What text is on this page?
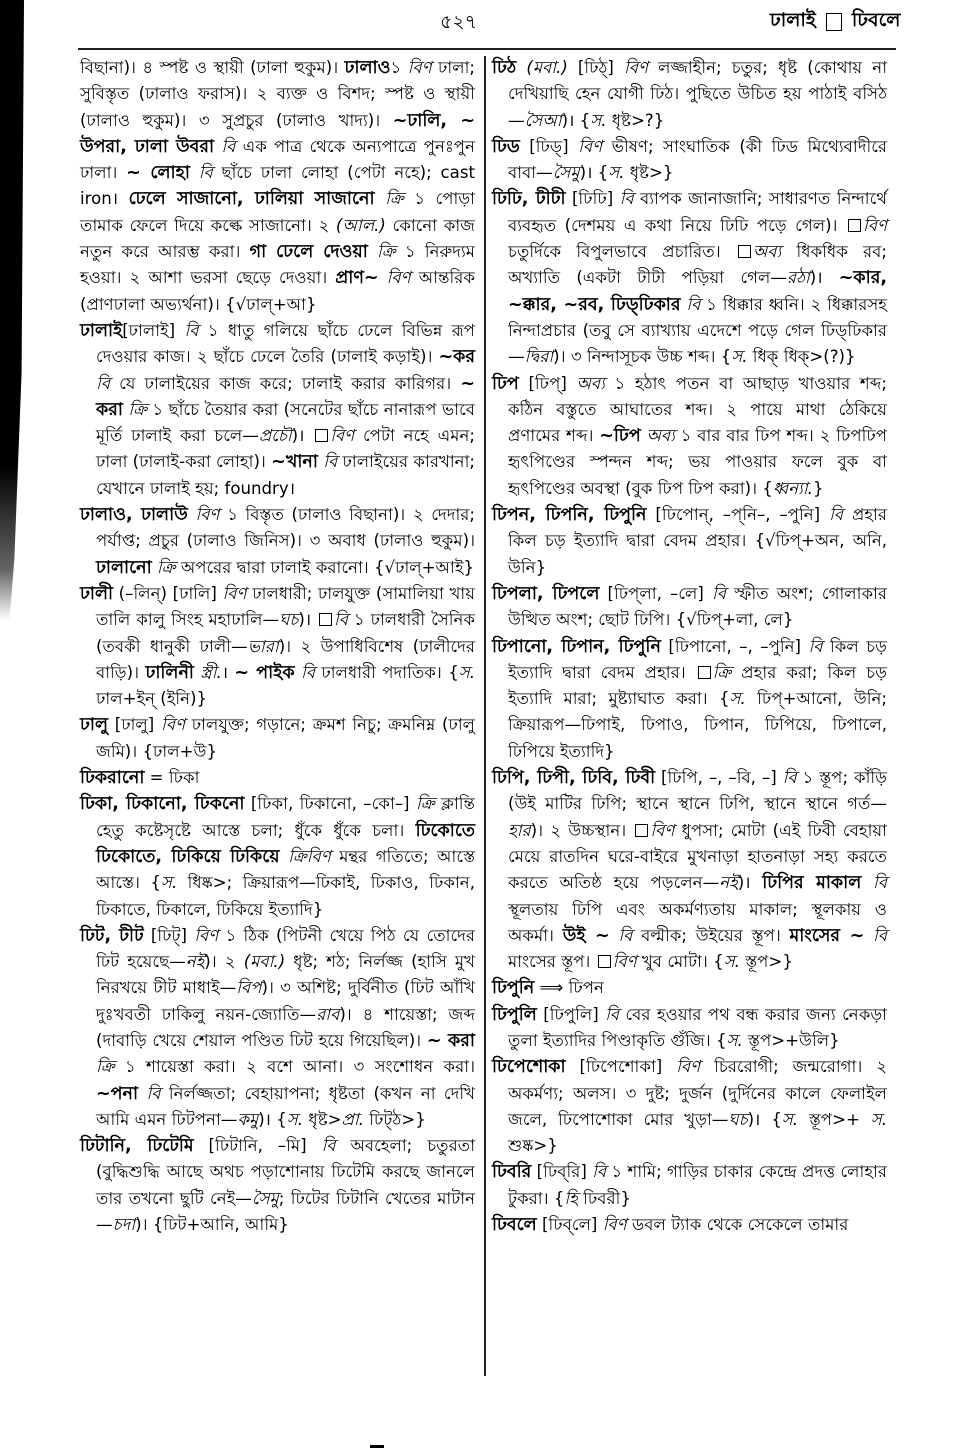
৫২৭	ঢালাই ঢিবলে

বিছানা)। ৪ স্পষ্ট ও স্থায়ী (ঢালা হুকুম)। ঢালাও১ বিণ ঢালা; সুবিস্তৃত (ঢালাও ফরাস)। ২ ব্যক্ত ও বিশদ; স্পষ্ট ও স্থায়ী (ঢালাও হুকুম)। ৩ সুপ্রচুর (ঢালাও খাদ্য)। ~ঢালি, ~ উপরা, ঢালা উবরা বি এক পাত্র থেকে অন্যপাত্রে পুনঃপুন ঢালা। ~ লোহা বি ছাঁচে ঢালা লোহা (পেটা নহে); cast iron। ঢেলে সাজানো, ঢালিয়া সাজানো ক্রি ১ পোড়া তামাক ফেলে দিয়ে কল্কে সাজানো। ২ (আল.) কোনো কাজ নতুন করে আরম্ভ করা। গা ঢেলে দেওয়া ক্রি ১ নিরুদ্যম হওয়া। ২ আশা ভরসা ছেড়ে দেওয়া। প্রাণ~ বিণ আন্তরিক (প্রাণঢালা অভ্যর্থনা)। {√ঢাল্+আ}

ঢালাই[ঢালাই] বি ১ ধাতু গলিয়ে ছাঁচে ঢেলে বিভিন্ন রূপ দেওয়ার কাজ। ২ ছাঁচে ঢেলে তৈরি (ঢালাই কড়াই)। ~কর বি যে ঢালাইয়ের কাজ করে; ঢালাই করার কারিগর। ~ করা ক্রি ১ ছাঁচে তৈয়ার করা (সনেটের ছাঁচে নানারূপ ভাবে মূর্তি ঢালাই করা চলে—প্রচৌ)। বিণ পেটা নহে এমন; ঢালা (ঢালাই-করা লোহা)। ~খানা বি ঢালাইয়ের কারখানা; যেখানে ঢালাই হয়; foundry।

ঢালাও, ঢালাউ বিণ ১ বিস্তৃত (ঢালাও বিছানা)। ২ দেদার; পর্যাপ্ত; প্রচুর (ঢালাও জিনিস)। ৩ অবাধ (ঢালাও হুকুম)। ঢালানো ক্রি অপরের দ্বারা ঢালাই করানো। {√ঢাল্+আই}

ঢালী (–লিন্) [ঢালি] বিণ ঢালধারী; ঢালযুক্ত (সামালিয়া খায় তালি কালু সিংহ মহাঢালি—ঘচ)। বি ১ ঢালধারী সৈনিক (তবকী ধানুকী ঢালী—ভারা)। ২ উপাধিবিশেষ (ঢালীদের বাড়ি)। ঢালিনী স্ত্রী.। ~ পাইক বি ঢালধারী পদাতিক। {স. ঢাল+ইন্ (ইনি)}

ঢালু [ঢালু] বিণ ঢালযুক্ত; গড়ানে; ক্রমশ নিচু; ক্রমনিম্ন (ঢালু জমি)। {ঢাল+উ}

ঢিকরানো = ঢিকা

ঢিকা, ঢিকানো, ঢিকনো [ঢিকা, ঢিকানো, –কো–] ক্রি ক্লান্তি হেতু কষ্টেসৃষ্টে আস্তে চলা; ধুঁকে ধুঁকে চলা। ঢিকোতে ঢিকোতে, ঢিকিয়ে ঢিকিয়ে ক্রিবিণ মন্থর গতিতে; আস্তে আস্তে। {স. ধিষ্ক>; ক্রিয়ারূপ—ঢিকাই, ঢিকাও, ঢিকান, ঢিকাতে, ঢিকালে, ঢিকিয়ে ইত্যাদি}

ঢিট, ঢীট [ঢিট্] বিণ ১ ঠিক (পিটনী খেয়ে পিঠ যে তোদের ঢিট হয়েছে—নই)। ২ (মবা.) ধৃষ্ট; শঠ; নির্লজ্জ (হাসি মুখ নিরখয়ে ঢীট মাধাই—বিপ)। ৩ অশিষ্ট; দুর্বিনীত (ঢিট আঁখি দুঃখবতী ঢাকিলু নয়ন-জ্যোতি—রাব)। ৪ শায়েস্তা; জব্দ (দাবাড়ি খেয়ে শেয়াল পণ্ডিত ঢিট হয়ে গিয়েছিল)। ~ করা ক্রি ১ শায়েস্তা করা। ২ বশে আনা। ৩ সংশোধন করা। ~পনা বি নির্লজ্জতা; বেহায়াপনা; ধৃষ্টতা (কখন না দেখি আমি এমন ঢিটপনা—কমু)। {স. ধৃষ্ট>প্রা. ঢিট্‌ঠ>}

ঢিটানি, ঢিটেমি [ঢিটানি, –মি] বি অবহেলা; চতুরতা (বুদ্ধিশুদ্ধি আছে অথচ পড়াশোনায় ঢিটেমি করছে জানলে তার তখনো ছুটি নেই—সৈমু; ঢিটের ঢিটানি খেতের মাটান—চদা)। {ঢিট+আনি, আমি}

ঢিঠ (মবা.) [ঢিঠ্] বিণ লজ্জাহীন; চতুর; ধৃষ্ট (কোথায় না দেখিয়াছি হেন যোগী ঢিঠ। পুছিতে উচিত হয় পাঠাই বসিঠ—সৈআ)। {স. ধৃষ্ট>?}

ঢিড [ঢিড্] বিণ ভীষণ; সাংঘাতিক (কী ঢিড মিথ্যেবাদীরে বাবা—সৈমু)। {স. ধৃষ্ট>}

ঢিঢি, ঢীঢী [ঢিঢি] বি ব্যাপক জানাজানি; সাধারণত নিন্দার্থে ব্যবহৃত (দেশময় এ কথা নিয়ে ঢিঢি পড়ে গেল)। বিণ চতুর্দিকে বিপুলভাবে প্রচারিত। অব্য ধিকধিক রব; অখ্যাতি (একটা ঢীঢী পড়িয়া গেল—রঠা)। ~কার, ~ক্কার, ~রব, ঢিড্‌ঢিকার বি ১ ধিক্কার ধ্বনি। ২ ধিক্কারসহ নিন্দাপ্রচার (তবু সে ব্যাখ্যায় এদেশে পড়ে গেল ঢিড্‌ঢিকার—দ্বিরা)। ৩ নিন্দাসূচক উচ্চ শব্দ। {স. ধিক্ ধিক্>(?)}

ঢিপ [ঢিপ্] অব্য ১ হঠাৎ পতন বা আছাড় খাওয়ার শব্দ; কঠিন বস্তুতে আঘাতের শব্দ। ২ পায়ে মাথা ঠেকিয়ে প্রণামের শব্দ। ~ঢিপ অব্য ১ বার বার ঢিপ শব্দ। ২ ঢিপঢিপ হৃৎপিণ্ডের স্পন্দন শব্দ; ভয় পাওয়ার ফলে বুক বা হৃৎপিণ্ডের অবস্থা (বুক ঢিপ ঢিপ করা)। {ধ্বন্যা.}

ঢিপন, ঢিপনি, ঢিপুনি [ঢিপোন্, –প্‌নি–, –পুনি] বি প্রহার কিল চড় ইত্যাদি দ্বারা বেদম প্রহার। {√ঢিপ্+অন, অনি, উনি}

ঢিপলা, ঢিপলে [ঢিপ্‌লা, –লে] বি স্ফীত অংশ; গোলাকার উত্থিত অংশ; ছোট ঢিপি। {√ঢিপ্+লা, লে}

ঢিপানো, ঢিপান, ঢিপুনি [ঢিপানো, –, –পুনি] বি কিল চড় ইত্যাদি দ্বারা বেদম প্রহার। ক্রি প্রহার করা; কিল চড় ইত্যাদি মারা; মুষ্ট্যাঘাত করা। {স. ঢিপ্+আনো, উনি; ক্রিয়ারূপ—ঢিপাই, ঢিপাও, ঢিপান, ঢিপিয়ে, ঢিপালে, ঢিপিয়ে ইত্যাদি}

ঢিপি, ঢিপী, ঢিবি, ঢিবী [ঢিপি, –, –বি, –] বি ১ স্তূপ; কাঁড়ি (উই মাটির ঢিপি; স্থানে স্থানে ঢিপি, স্থানে স্থানে গর্ত—হার)। ২ উচ্চস্থান। বিণ ধুপসা; মোটা (এই ঢিবী বেহায়া মেয়ে রাতদিন ঘরে-বাইরে মুখনাড়া হাতনাড়া সহ্য করতে করতে অতিষ্ঠ হয়ে পড়লেন—নই)। ঢিপির মাকাল বি স্থূলতায় ঢিপি এবং অকর্মণ্যতায় মাকাল; স্থূলকায় ও অকর্মা। উই ~ বি বল্মীক; উইয়ের স্তূপ। মাংসের ~ বি মাংসের স্তূপ। বিণ খুব মোটা। {স. স্তূপ>}

ঢিপুনি ⟹ ঢিপন

ঢিপুলি [ঢিপুলি] বি বের হওয়ার পথ বন্ধ করার জন্য নেকড়া তুলা ইত্যাদির পিণ্ডাকৃতি গুঁজি। {স. স্তূপ>+উলি}

ঢিপেশোকা [ঢিপেশোকা] বিণ চিররোগী; জন্মরোগা। ২ অকর্মণ্য; অলস। ৩ দুষ্ট; দুর্জন (দুর্দিনের কালে ফেলাইল জলে, ঢিপোশোকা মোর খুড়া—ঘচ)। {স. স্তূপ>+ স. শুষ্ক>}

ঢিবরি [ঢিব্‌রি] বি ১ শামি; গাড়ির চাকার কেন্দ্রে প্রদত্ত লোহার টুকরা। {হি ঢিবরী}

ঢিবলে [ঢিব্‌লে] বিণ ডবল ট্যাক থেকে সেকেলে তামার
